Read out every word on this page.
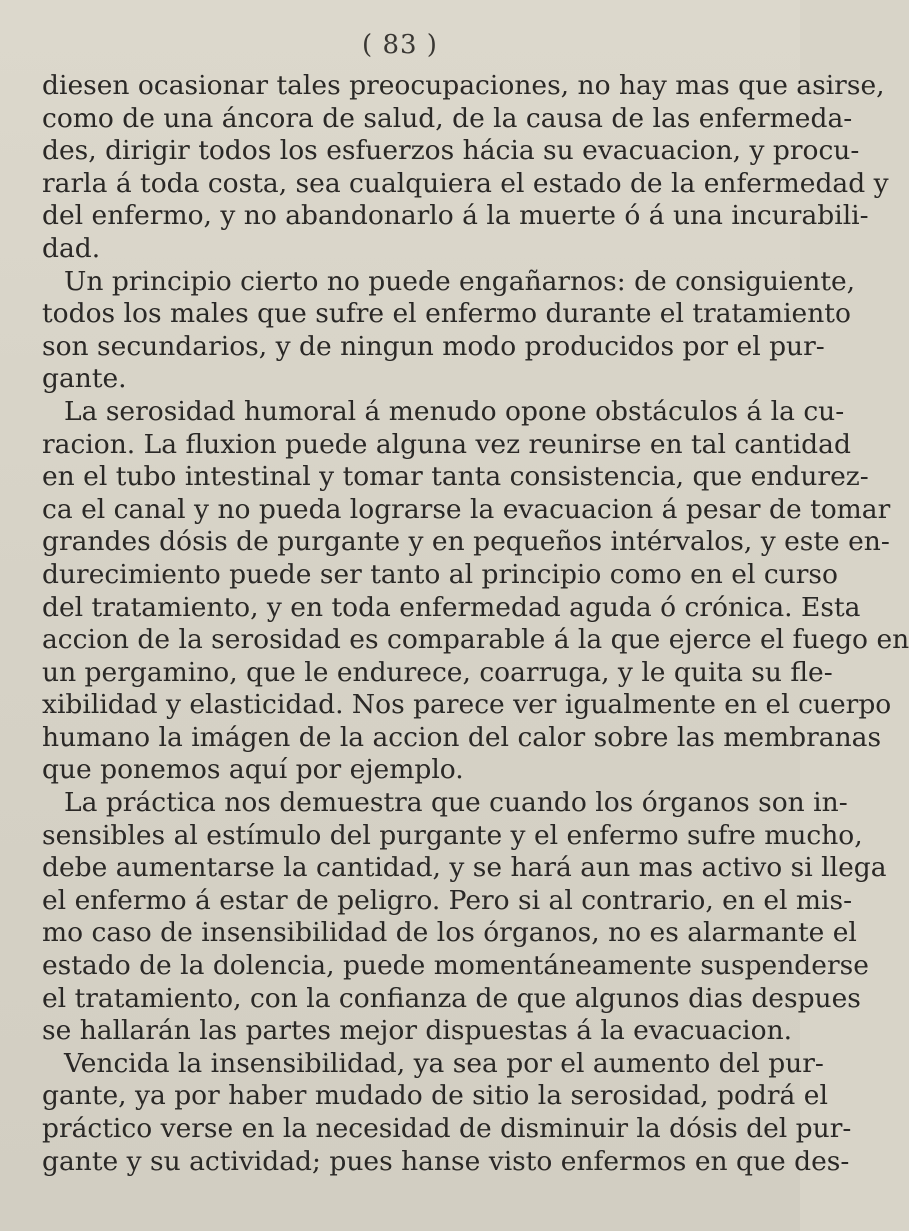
( 83 )
diesen ocasionar tales preocupaciones, no hay mas que asirse,
como de una áncora de salud, de la causa de las enfermeda-
des, dirigir todos los esfuerzos hácia su evacuacion, y procu-
rarla á toda costa, sea cualquiera el estado de la enfermedad y
del enfermo, y no abandonarlo á la muerte ó á una incurabili-
dad.
Un principio cierto no puede engañarnos: de consiguiente,
todos los males que sufre el enfermo durante el tratamiento
son secundarios, y de ningun modo producidos por el pur-
gante.
La serosidad humoral á menudo opone obstáculos á la cu-
racion. La fluxion puede alguna vez reunirse en tal cantidad
en el tubo intestinal y tomar tanta consistencia, que endurez-
ca el canal y no pueda lograrse la evacuacion á pesar de tomar
grandes dósis de purgante y en pequeños intérvalos, y este en-
durecimiento puede ser tanto al principio como en el curso
del tratamiento, y en toda enfermedad aguda ó crónica. Esta
accion de la serosidad es comparable á la que ejerce el fuego en
un pergamino, que le endurece, coarruga, y le quita su fle-
xibilidad y elasticidad. Nos parece ver igualmente en el cuerpo
humano la imágen de la accion del calor sobre las membranas
que ponemos aquí por ejemplo.
La práctica nos demuestra que cuando los órganos son in-
sensibles al estímulo del purgante y el enfermo sufre mucho,
debe aumentarse la cantidad, y se hará aun mas activo si llega
el enfermo á estar de peligro. Pero si al contrario, en el mis-
mo caso de insensibilidad de los órganos, no es alarmante el
estado de la dolencia, puede momentáneamente suspenderse
el tratamiento, con la confianza de que algunos dias despues
se hallarán las partes mejor dispuestas á la evacuacion.
Vencida la insensibilidad, ya sea por el aumento del pur-
gante, ya por haber mudado de sitio la serosidad, podrá el
práctico verse en la necesidad de disminuir la dósis del pur-
gante y su actividad; pues hanse visto enfermos en que des-
